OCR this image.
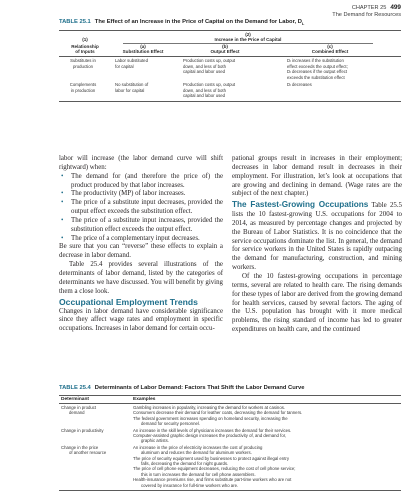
CHAPTER 25 499
The Demand for Resources
TABLE 25.1 The Effect of an Increase in the Price of Capital on the Demand for Labor, $D_L$
(1)
(2)
Increase in the Price of Capital
Relationship
of Inputs
(a)
Substitution Effect
(b)
Output Effect
(c)
Combined Effect
Substitutes in
production
Labor substituted
for capital
Production costs up, output
down, and less of both
capital and labor used
Dₗ increases if the substitution
effect exceeds the output effect;
Dₗ decreases if the output effect
exceeds the substitution effect
Complements
in production
No substitution of
labor for capital
Production costs up, output
down, and less of both
capital and labor used
Dₗ decreases

labor will increase (the labor demand curve will shift rightward) when:

• The demand for (and therefore the price of) the product produced by that labor increases.

• The productivity (MP) of labor increases.

• The price of a substitute input decreases, provided the output effect exceeds the substitution effect.

• The price of a substitute input increases, provided the substitution effect exceeds the output effect.

• The price of a complementary input decreases.

Be sure that you can “reverse” these effects to explain a decrease in labor demand.

Table 25.4 provides several illustrations of the determinants of labor demand, listed by the categories of determinants we have discussed. You will benefit by giving them a close look.

Occupational Employment Trends

Changes in labor demand have considerable significance since they affect wage rates and employment in specific occupations. Increases in labor demand for certain occu-

pational groups result in increases in their employment; decreases in labor demand result in decreases in their employment. For illustration, let’s look at occupations that are growing and declining in demand. (Wage rates are the subject of the next chapter.)

The Fastest-Growing Occupations Table 25.5 lists the 10 fastest-growing U.S. occupations for 2004 to 2014, as measured by percentage changes and projected by the Bureau of Labor Statistics. It is no coincidence that the service occupations dominate the list. In general, the demand for service workers in the United States is rapidly outpacing the demand for manufacturing, construction, and mining workers.

Of the 10 fastest-growing occupations in percentage terms, several are related to health care. The rising demands for these types of labor are derived from the growing demand for health services, caused by several factors. The aging of the U.S. population has brought with it more medical problems, the rising standard of income has led to greater expenditures on health care, and the continued

TABLE 25.4 Determinants of Labor Demand: Factors That Shift the Labor Demand Curve
Determinant	Examples
Change in product
demand
Gambling increases in popularity, increasing the demand for workers at casinos.
Consumers decrease their demand for leather coats, decreasing the demand for tanners.
The federal government increases spending on homeland security, increasing the
demand for security personnel.
Change in productivity	An increase in the skill levels of physicians increases the demand for their services.
Computer-assisted graphic design increases the productivity of, and demand for,
graphic artists.
Change in the price
of another resource
An increase in the price of electricity increases the cost of producing
aluminum and reduces the demand for aluminum workers.
The price of security equipment used by businesses to protect against illegal entry
falls, decreasing the demand for night guards.
The price of cell phone equipment decreases, reducing the cost of cell phone service;
this in turn increases the demand for cell phone assemblers.
Health-insurance premiums rise, and firms substitute part-time workers who are not
covered by insurance for full-time workers who are.
